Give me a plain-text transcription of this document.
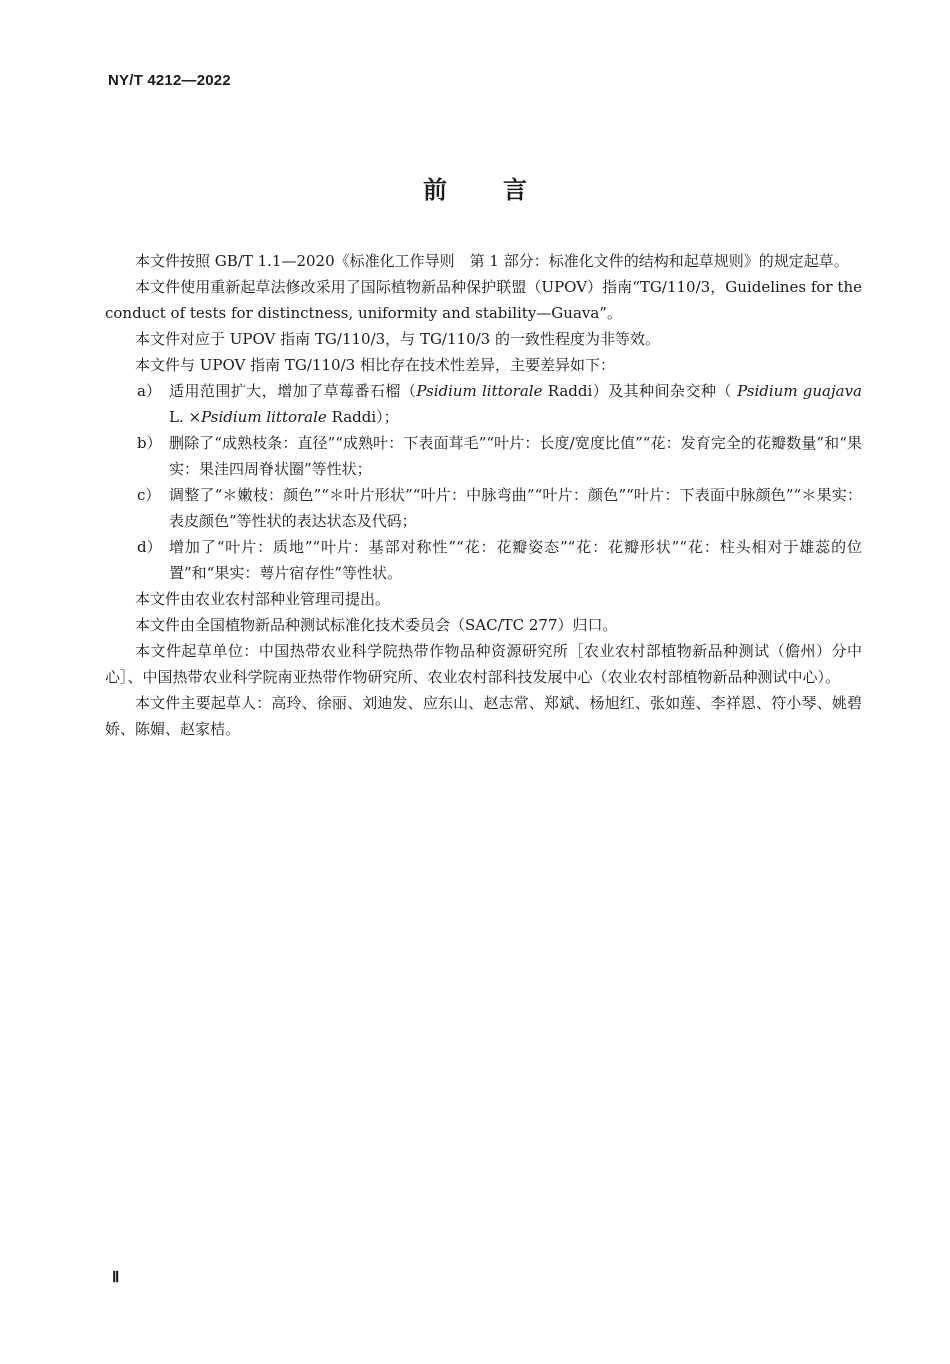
NY/T 4212—2022
前言

本文件按照 GB/T 1.1—2020《标准化工作导则　第 1 部分：标准化文件的结构和起草规则》的规定起草。

本文件使用重新起草法修改采用了国际植物新品种保护联盟（UPOV）指南“TG/110/3，Guidelines for the conduct of tests for distinctness, uniformity and stability—Guava”。

本文件对应于 UPOV 指南 TG/110/3，与 TG/110/3 的一致性程度为非等效。

本文件与 UPOV 指南 TG/110/3 相比存在技术性差异，主要差异如下：

a） 适用范围扩大，增加了草莓番石榴（Psidium littorale Raddi）及其种间杂交种（ Psidium guajava L. ×Psidium littorale Raddi）；

b） 删除了“成熟枝条：直径”“成熟叶：下表面茸毛”“叶片：长度/宽度比值”“花：发育完全的花瓣数量”和“果实：果洼四周脊状圈”等性状；

c） 调整了“＊嫩枝：颜色”“＊叶片形状”“叶片：中脉弯曲”“叶片：颜色”“叶片：下表面中脉颜色”“＊果实：表皮颜色”等性状的表达状态及代码；

d） 增加了“叶片：质地”“叶片：基部对称性”“花：花瓣姿态”“花：花瓣形状”“花：柱头相对于雄蕊的位置”和“果实：萼片宿存性”等性状。

本文件由农业农村部种业管理司提出。

本文件由全国植物新品种测试标准化技术委员会（SAC/TC 277）归口。

本文件起草单位：中国热带农业科学院热带作物品种资源研究所［农业农村部植物新品种测试（儋州）分中心］、中国热带农业科学院南亚热带作物研究所、农业农村部科技发展中心（农业农村部植物新品种测试中心）。

本文件主要起草人：高玲、徐丽、刘迪发、应东山、赵志常、郑斌、杨旭红、张如莲、李祥恩、符小琴、姚碧娇、陈媚、赵家桔。

Ⅱ
